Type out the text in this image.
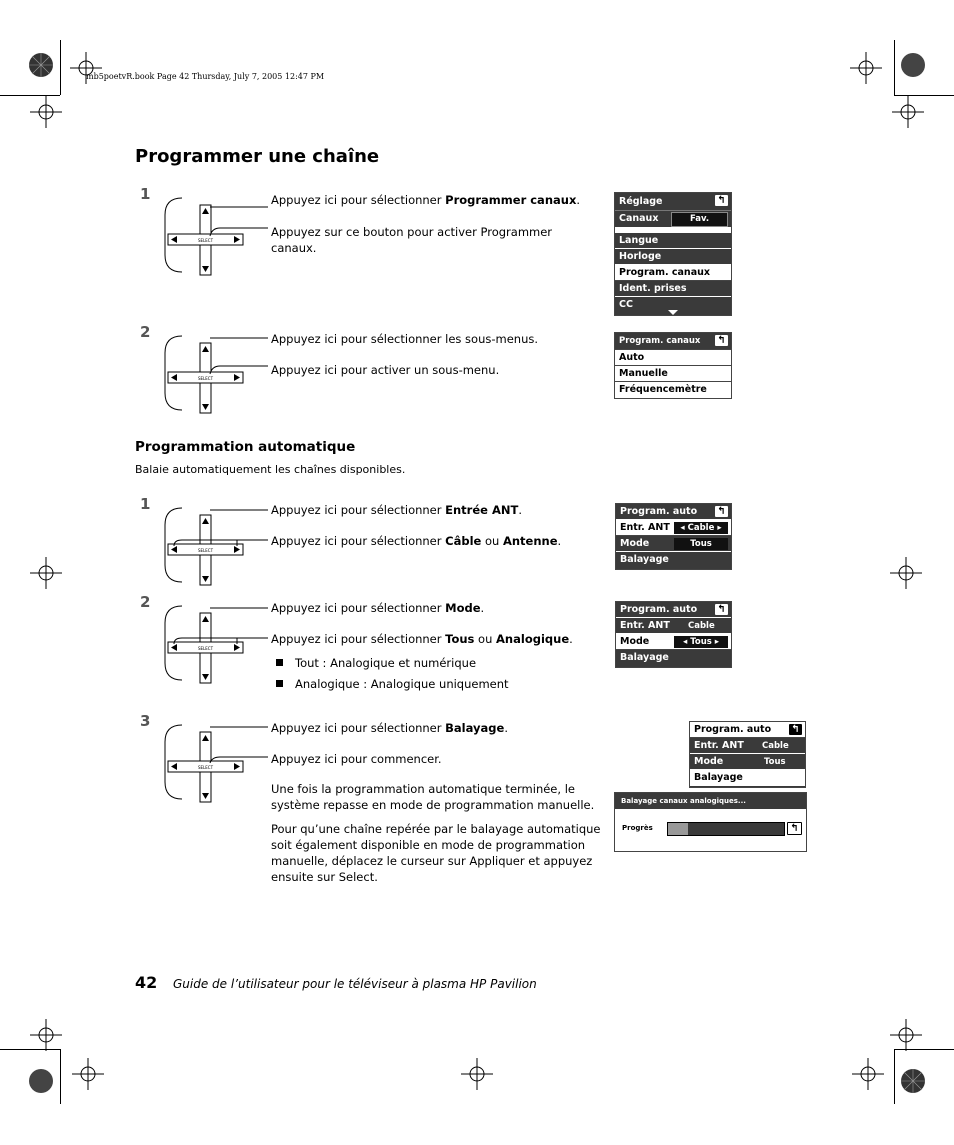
mb5poetvR.book Page 42 Thursday, July 7, 2005 12:47 PM
Programmer une chaîne
1
SELECT
Appuyez ici pour sélectionner Programmer canaux.
Appuyez sur ce bouton pour activer Programmer
canaux.
Réglage	↰
Canaux	Fav.
Langue
Horloge
Program. canaux
Ident. prises
CC
2
SELECT
Appuyez ici pour sélectionner les sous-menus.
Appuyez ici pour activer un sous-menu.
Program. canaux ↰
Auto
Manuelle
Fréquencemètre
Programmation automatique
Balaie automatiquement les chaînes disponibles.
1
SELECT
Appuyez ici pour sélectionner Entrée ANT.
Appuyez ici pour sélectionner Câble ou Antenne.
Program. auto ↰
Entr. ANT	◂ Cable ▸
Mode	Tous
Balayage
2
SELECT
Appuyez ici pour sélectionner Mode.
Appuyez ici pour sélectionner Tous ou Analogique.
Tout : Analogique et numérique
Analogique : Analogique uniquement
Program. auto ↰
Entr. ANT Cable
Mode	◂ Tous ▸
Balayage
3
SELECT
Appuyez ici pour sélectionner Balayage.
Appuyez ici pour commencer.
Une fois la programmation automatique terminée, le système repasse en mode de programmation manuelle.
Pour qu’une chaîne repérée par le balayage automatique soit également disponible en mode de programmation manuelle, déplacez le curseur sur Appliquer et appuyez ensuite sur Select.
Program. auto ↰
Entr. ANT Cable
Mode	Tous
Balayage
Balayage canaux analogiques...
Progrès	↰
42 Guide de l’utilisateur pour le téléviseur à plasma HP Pavilion
